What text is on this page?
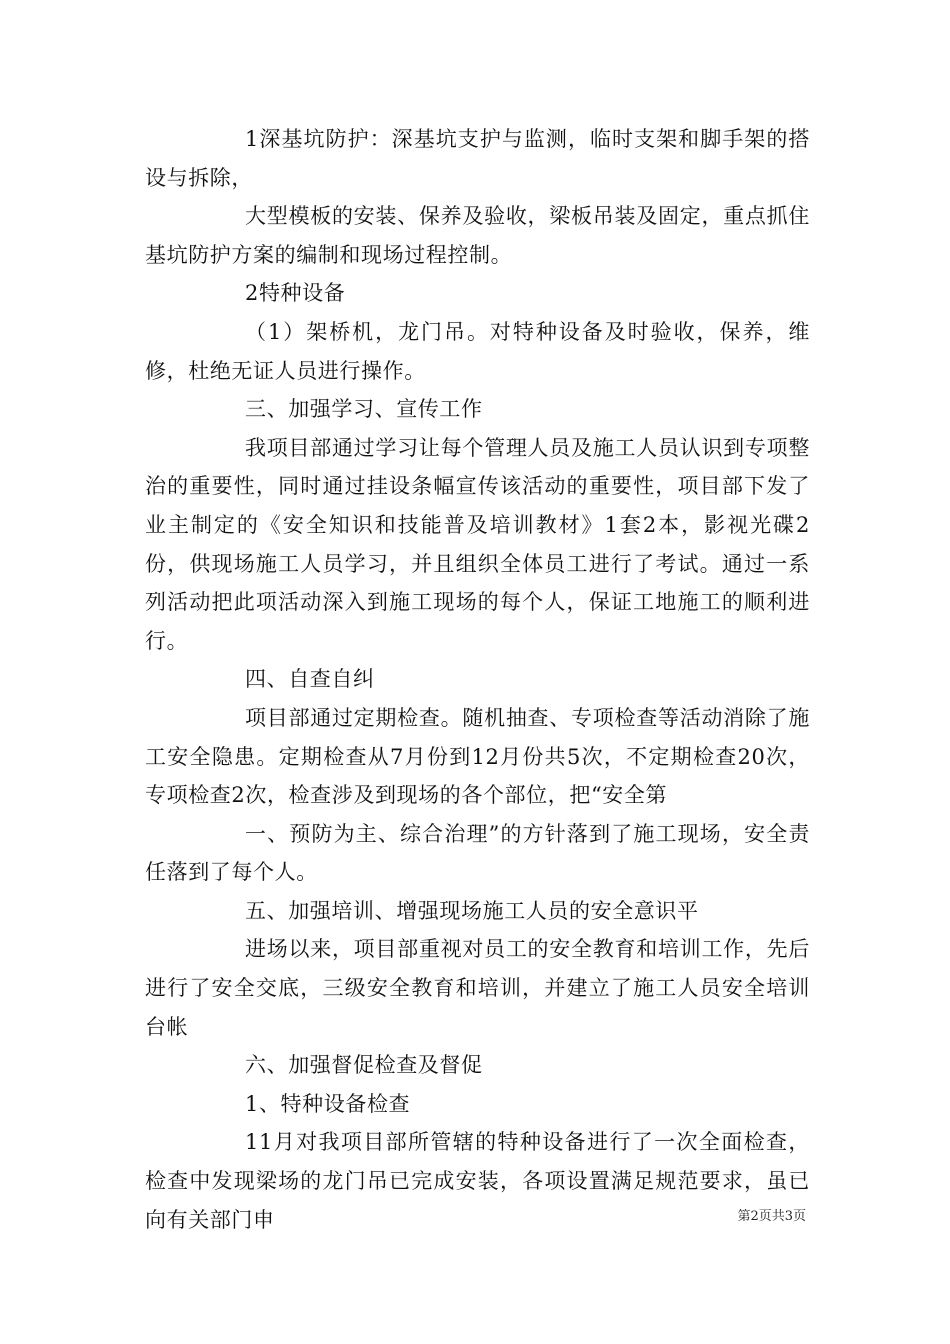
1深基坑防护：深基坑支护与监测，临时支架和脚手架的搭设与拆除，

大型模板的安装、保养及验收，梁板吊装及固定，重点抓住基坑防护方案的编制和现场过程控制。

2特种设备

（1）架桥机，龙门吊。对特种设备及时验收，保养，维修，杜绝无证人员进行操作。

三、加强学习、宣传工作

我项目部通过学习让每个管理人员及施工人员认识到专项整治的重要性，同时通过挂设条幅宣传该活动的重要性，项目部下发了业主制定的《安全知识和技能普及培训教材》1套2本，影视光碟2份，供现场施工人员学习，并且组织全体员工进行了考试。通过一系列活动把此项活动深入到施工现场的每个人，保证工地施工的顺利进行。

四、自查自纠

项目部通过定期检查。随机抽查、专项检查等活动消除了施工安全隐患。定期检查从7月份到12月份共5次，不定期检查20次，专项检查2次，检查涉及到现场的各个部位，把“安全第

一、预防为主、综合治理”的方针落到了施工现场，安全责任落到了每个人。

五、加强培训、增强现场施工人员的安全意识平

进场以来，项目部重视对员工的安全教育和培训工作，先后进行了安全交底，三级安全教育和培训，并建立了施工人员安全培训台帐

六、加强督促检查及督促

1、特种设备检查

11月对我项目部所管辖的特种设备进行了一次全面检查，检查中发现梁场的龙门吊已完成安装，各项设置满足规范要求，虽已向有关部门申	第2页共3页
